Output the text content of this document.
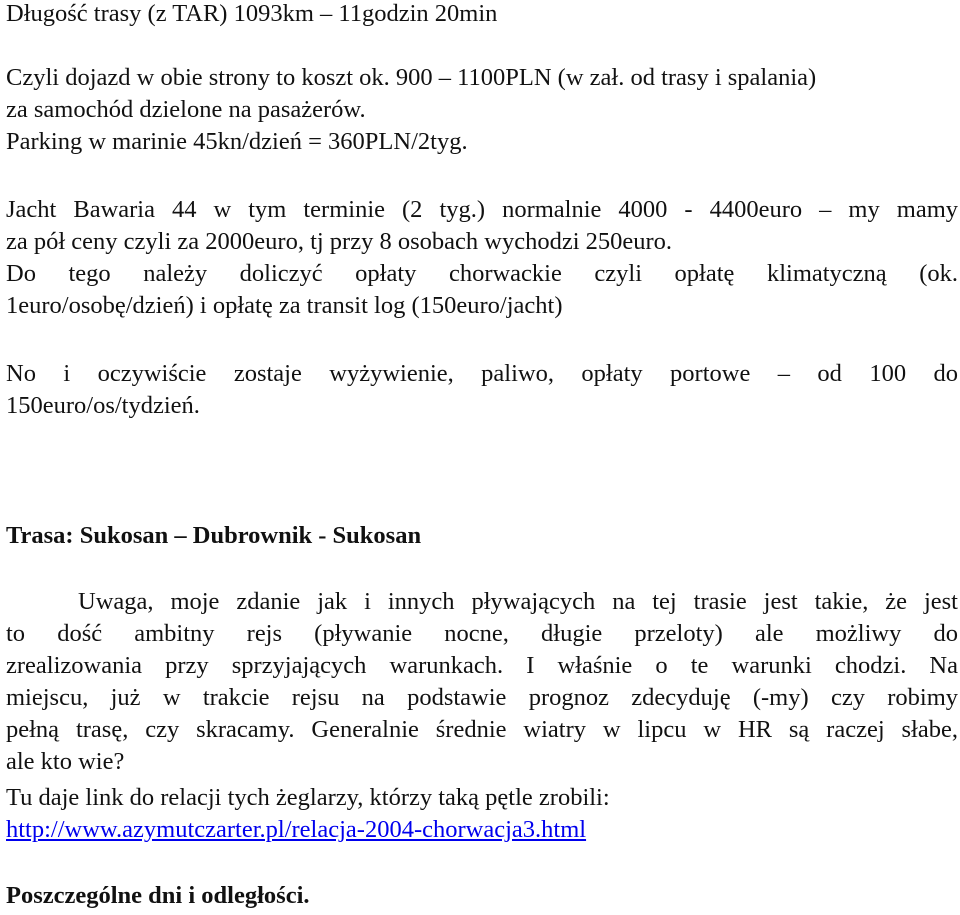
Długość trasy (z TAR) 1093km – 11godzin 20min
Czyli dojazd w obie strony to koszt ok. 900 – 1100PLN (w zał. od trasy i spalania)
za samochód dzielone na pasażerów.
Parking w marinie 45kn/dzień = 360PLN/2tyg.
Jacht Bawaria 44 w tym terminie (2 tyg.) normalnie 4000 - 4400euro – my mamy
za pół ceny czyli za 2000euro, tj przy 8 osobach wychodzi 250euro.
Do tego należy doliczyć opłaty chorwackie czyli opłatę klimatyczną (ok.
1euro/osobę/dzień) i opłatę za transit log (150euro/jacht)
No i oczywiście zostaje wyżywienie, paliwo, opłaty portowe – od 100 do
150euro/os/tydzień.
Trasa: Sukosan – Dubrownik - Sukosan
Uwaga, moje zdanie jak i innych pływających na tej trasie jest takie, że jest
to dość ambitny rejs (pływanie nocne, długie przeloty) ale możliwy do
zrealizowania przy sprzyjających warunkach. I właśnie o te warunki chodzi. Na
miejscu, już w trakcie rejsu na podstawie prognoz zdecyduję (-my) czy robimy
pełną trasę, czy skracamy. Generalnie średnie wiatry w lipcu w HR są raczej słabe,
ale kto wie?
Tu daje link do relacji tych żeglarzy, którzy taką pętle zrobili:
http://www.azymutczarter.pl/relacja-2004-chorwacja3.html
Poszczególne dni i odległości.
